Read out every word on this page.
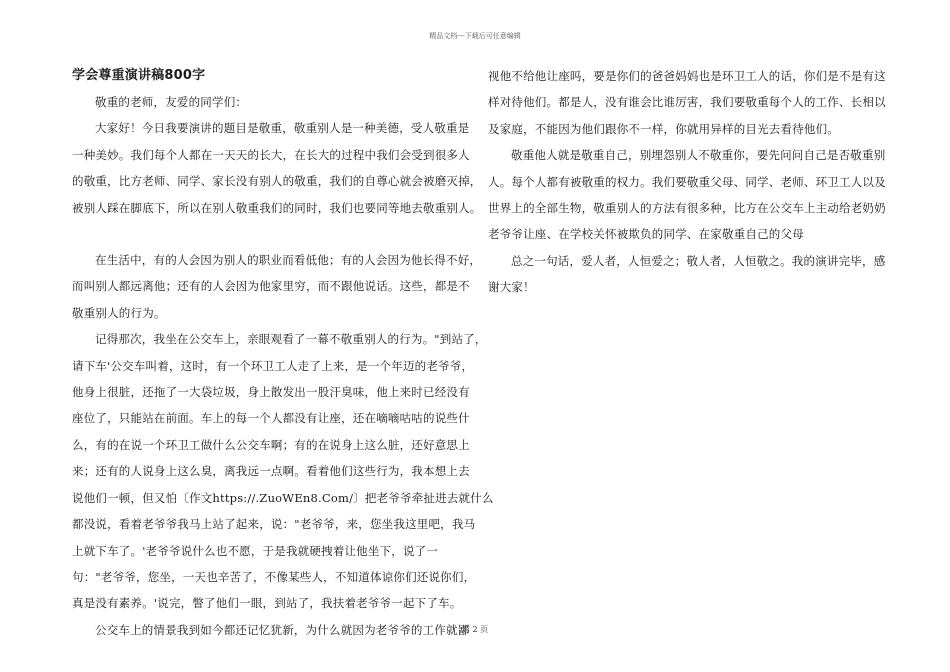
精品文档---下载后可任意编辑
学会尊重演讲稿800字
敬重的老师，友爱的同学们：
大家好！今日我要演讲的题目是敬重，敬重别人是一种美德，受人敬重是
一种美妙。我们每个人都在一天天的长大，在长大的过程中我们会受到很多人
的敬重，比方老师、同学、家长没有别人的敬重，我们的自尊心就会被磨灭掉，
被别人踩在脚底下，所以在别人敬重我们的同时，我们也要同等地去敬重别人。
在生活中，有的人会因为别人的职业而看低他；有的人会因为他长得不好，
而叫别人都远离他；还有的人会因为他家里穷，而不跟他说话。这些，都是不
敬重别人的行为。
记得那次，我坐在公交车上，亲眼观看了一幕不敬重别人的行为。"到站了，
请下车'公交车叫着，这时，有一个环卫工人走了上来，是一个年迈的老爷爷，
他身上很脏，还拖了一大袋垃圾，身上散发出一股汗臭味，他上来时已经没有
座位了，只能站在前面。车上的每一个人都没有让座，还在嘀嘀咕咕的说些什
么，有的在说一个环卫工做什么公交车啊；有的在说身上这么脏，还好意思上
来；还有的人说身上这么臭，离我远一点啊。看着他们这些行为，我本想上去
说他们一顿，但又怕〔作文https://.ZuoWEn8.Com/〕把老爷爷牵扯进去就什么
都没说，看着老爷爷我马上站了起来，说："老爷爷，来，您坐我这里吧，我马
上就下车了。'老爷爷说什么也不愿，于是我就硬拽着让他坐下，说了一
句："老爷爷，您坐，一天也辛苦了，不像某些人，不知道体谅你们还说你们，
真是没有素养。'说完，瞥了他们一眼，到站了，我扶着老爷爷一起下了车。
公交车上的情景我到如今都还记忆犹新，为什么就因为老爷爷的工作就鄙
视他不给他让座吗，要是你们的爸爸妈妈也是环卫工人的话，你们是不是有这
样对待他们。都是人，没有谁会比谁厉害，我们要敬重每个人的工作、长相以
及家庭，不能因为他们跟你不一样，你就用异样的目光去看待他们。
敬重他人就是敬重自己，别埋怨别人不敬重你，要先问问自己是否敬重别
人。每个人都有被敬重的权力。我们要敬重父母、同学、老师、环卫工人以及
世界上的全部生物，敬重别人的方法有很多种，比方在公交车上主动给老奶奶
老爷爷让座、在学校关怀被欺负的同学、在家敬重自己的父母
总之一句话，爱人者，人恒爱之；敬人者，人恒敬之。我的演讲完毕，感
谢大家！
第 2 页
